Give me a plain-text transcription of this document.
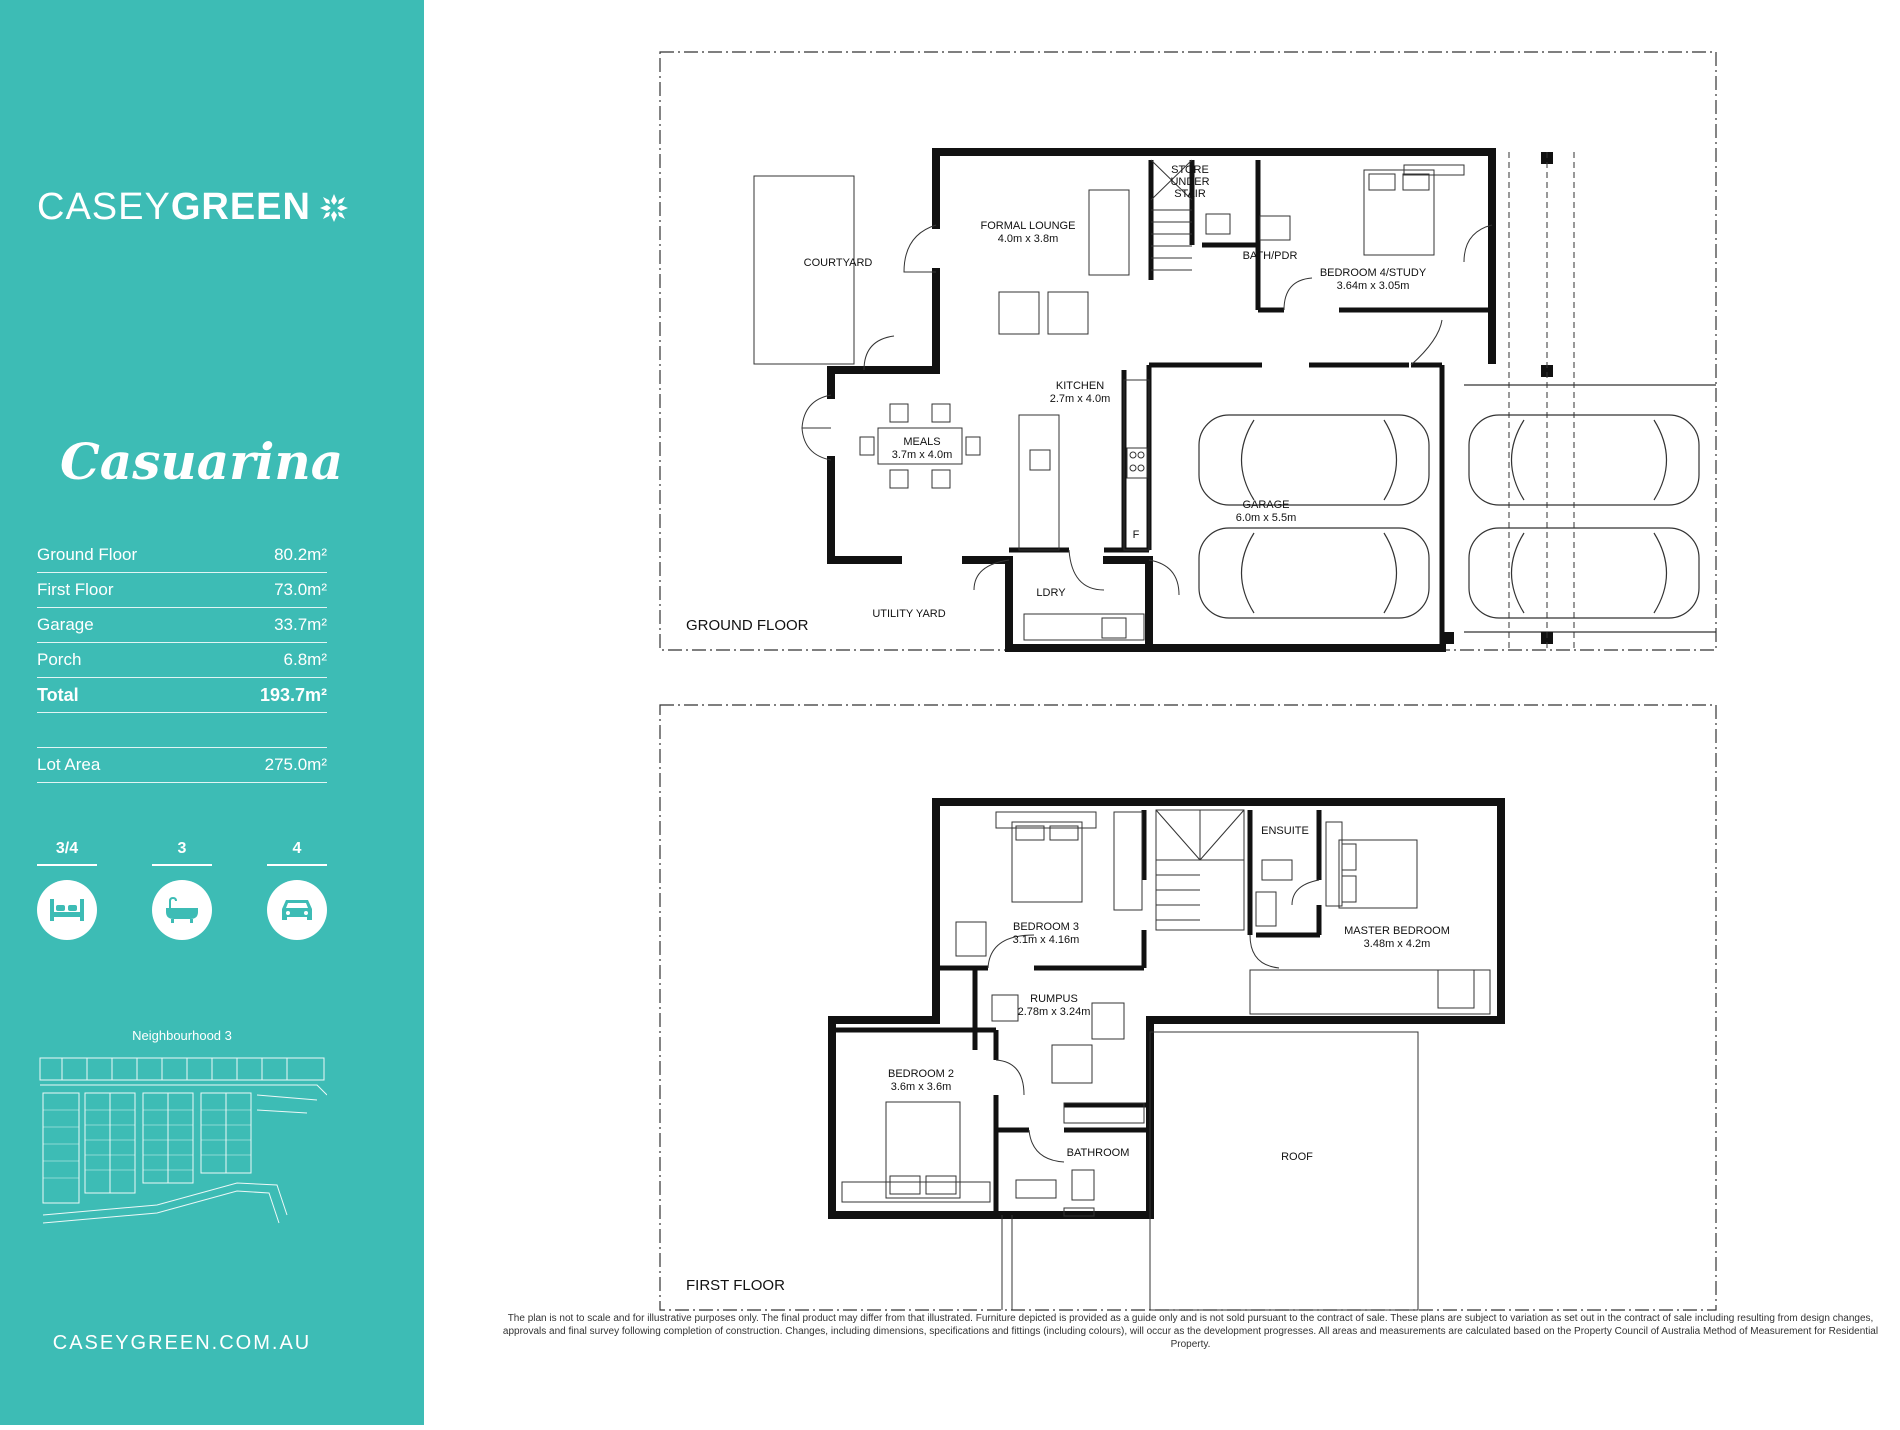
CASEY GREEN
Casuarina
Ground Floor	80.2m²
First Floor	73.0m²
Garage	33.7m²
Porch	6.8m²
Total	193.7m²
Lot Area	275.0m²
3/4	3	4
Neighbourhood 3
CASEYGREEN.COM.AU
COURTYARD
FORMAL LOUNGE
4.0m x 3.8m
STORE
UNDER
STAIR
BATH/PDR
BEDROOM 4/STUDY
3.64m x 3.05m
KITCHEN
2.7m x 4.0m
MEALS
3.7m x 4.0m
GARAGE
6.0m x 5.5m
LDRY
UTILITY YARD
F
GROUND FLOOR
BEDROOM 3
3.1m x 4.16m
ENSUITE
MASTER BEDROOM
3.48m x 4.2m
RUMPUS
2.78m x 3.24m
BEDROOM 2
3.6m x 3.6m
BATHROOM	ROOF
FIRST FLOOR
The plan is not to scale and for illustrative purposes only. The final product may differ from that illustrated. Furniture depicted is provided as a guide only and is not sold pursuant to the contract of sale. These plans are subject to variation as set out in the contract of sale including resulting from design changes, approvals and final survey following completion of construction. Changes, including dimensions, specifications and fittings (including colours), will occur as the development progresses. All areas and measurements are calculated based on the Property Council of Australia Method of Measurement for Residential Property.
